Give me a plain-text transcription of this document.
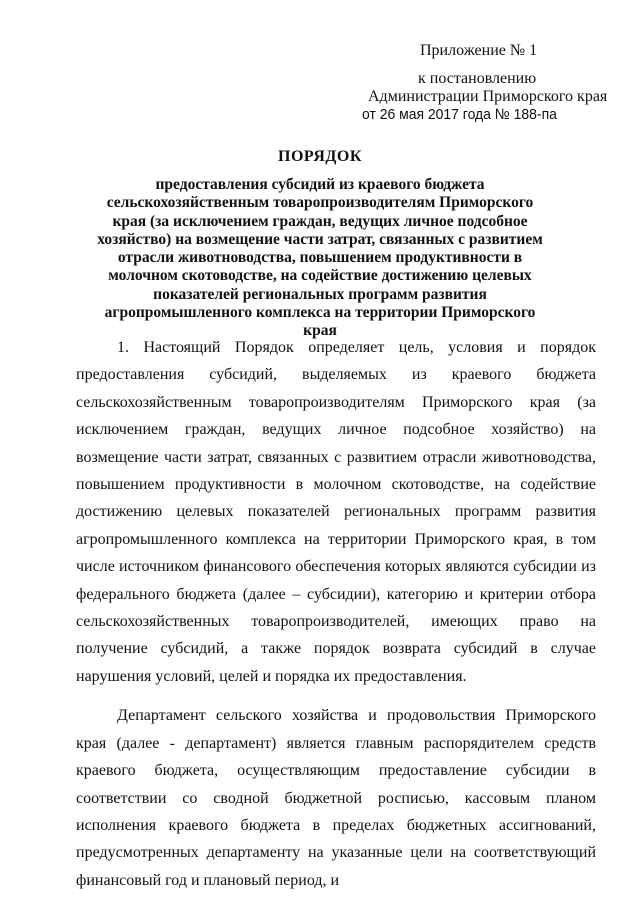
Приложение № 1
к постановлению
Администрации Приморского края
от 26 мая 2017 года № 188-па
ПОРЯДОК
предоставления субсидий из краевого бюджета сельскохозяйственным товаропроизводителям Приморского края (за исключением граждан, ведущих личное подсобное хозяйство) на возмещение части затрат, связанных с развитием отрасли животноводства, повышением продуктивности в молочном скотоводстве, на содействие достижению целевых показателей региональных программ развития агропромышленного комплекса на территории Приморского края

1. Настоящий Порядок определяет цель, условия и порядок предоставления субсидий, выделяемых из краевого бюджета сельскохозяйственным товаропроизводителям Приморского края (за исключением граждан, ведущих личное подсобное хозяйство) на возмещение части затрат, связанных с развитием отрасли животноводства, повышением продуктивности в молочном скотоводстве, на содействие достижению целевых показателей региональных программ развития агропромышленного комплекса на территории Приморского края, в том числе источником финансового обеспечения которых являются субсидии из федерального бюджета (далее – субсидии), категорию и критерии отбора сельскохозяйственных товаропроизводителей, имеющих право на получение субсидий, а также порядок возврата субсидий в случае нарушения условий, целей и порядка их предоставления.

Департамент сельского хозяйства и продовольствия Приморского края (далее - департамент) является главным распорядителем средств краевого бюджета, осуществляющим предоставление субсидии в соответствии со сводной бюджетной росписью, кассовым планом исполнения краевого бюджета в пределах бюджетных ассигнований, предусмотренных департаменту на указанные цели на соответствующий финансовый год и плановый период, и
